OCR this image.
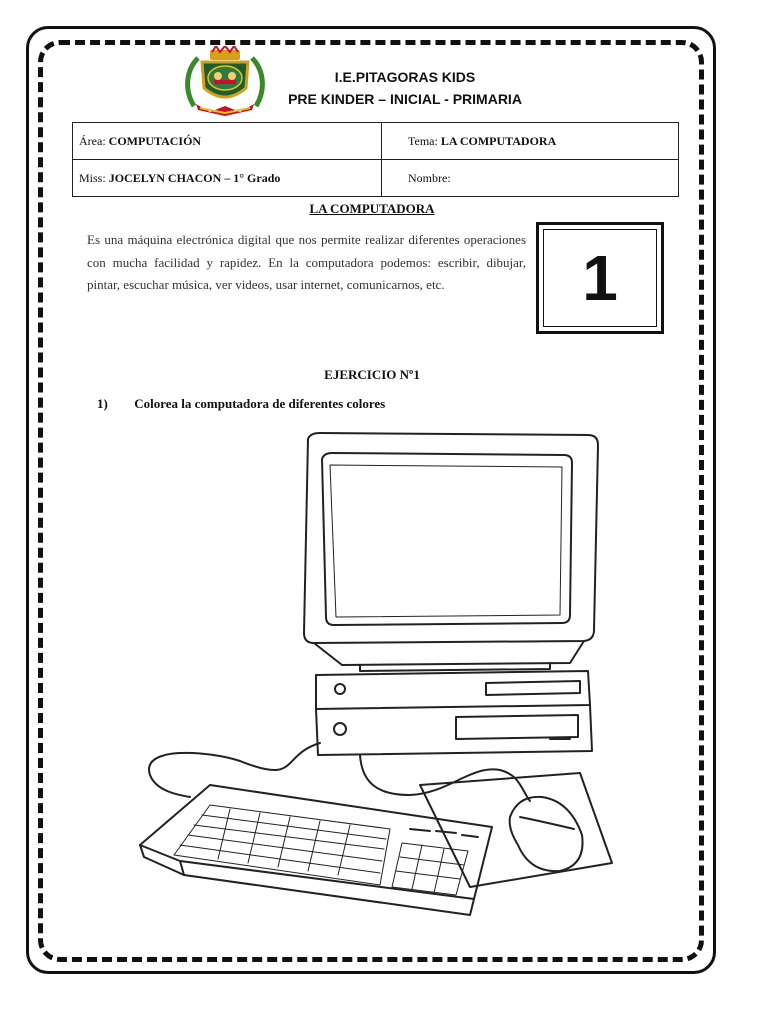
I.E.PITAGORAS KIDS
PRE KINDER – INICIAL - PRIMARIA
Área: COMPUTACIÓN	Tema: LA COMPUTADORA
Miss: JOCELYN CHACON – 1° Grado	Nombre:
LA COMPUTADORA
Es una máquina electrónica digital que nos permite realizar diferentes operaciones con mucha facilidad y rapidez. En la computadora podemos: escribir, dibujar, pintar, escuchar música, ver videos, usar internet, comunicarnos, etc.	1
EJERCICIO Nº1
1) Colorea la computadora de diferentes colores
